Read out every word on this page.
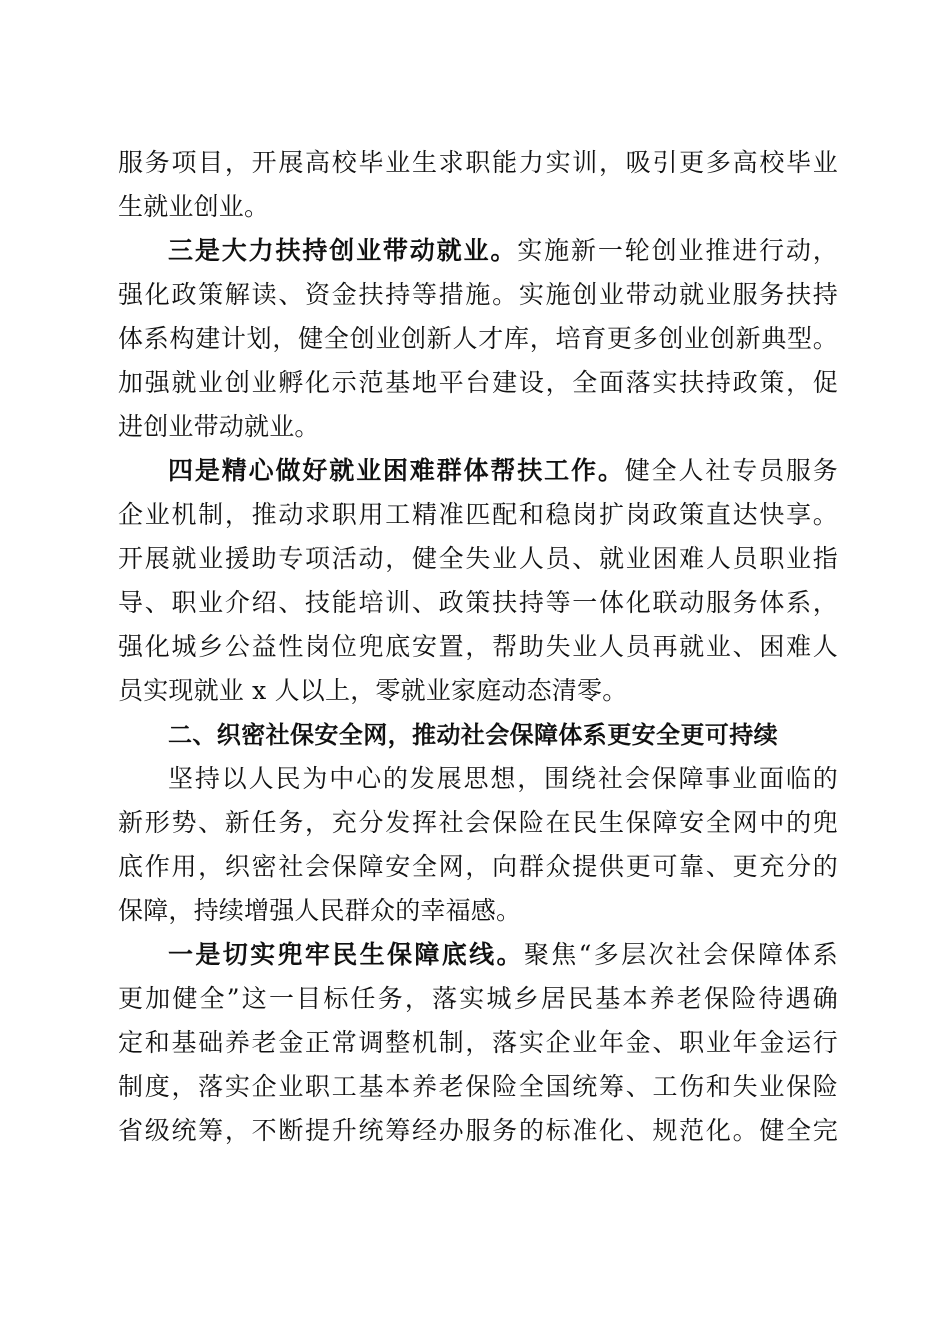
服务项目，开展高校毕业生求职能力实训，吸引更多高校毕业
生就业创业。
三是大力扶持创业带动就业。实施新一轮创业推进行动，
强化政策解读、资金扶持等措施。实施创业带动就业服务扶持
体系构建计划，健全创业创新人才库，培育更多创业创新典型。
加强就业创业孵化示范基地平台建设，全面落实扶持政策，促
进创业带动就业。
四是精心做好就业困难群体帮扶工作。健全人社专员服务
企业机制，推动求职用工精准匹配和稳岗扩岗政策直达快享。
开展就业援助专项活动，健全失业人员、就业困难人员职业指
导、职业介绍、技能培训、政策扶持等一体化联动服务体系，
强化城乡公益性岗位兜底安置，帮助失业人员再就业、困难人
员实现就业 x 人以上，零就业家庭动态清零。
二、织密社保安全网，推动社会保障体系更安全更可持续
坚持以人民为中心的发展思想，围绕社会保障事业面临的
新形势、新任务，充分发挥社会保险在民生保障安全网中的兜
底作用，织密社会保障安全网，向群众提供更可靠、更充分的
保障，持续增强人民群众的幸福感。
一是切实兜牢民生保障底线。聚焦“多层次社会保障体系
更加健全”这一目标任务，落实城乡居民基本养老保险待遇确
定和基础养老金正常调整机制，落实企业年金、职业年金运行
制度，落实企业职工基本养老保险全国统筹、工伤和失业保险
省级统筹，不断提升统筹经办服务的标准化、规范化。健全完
